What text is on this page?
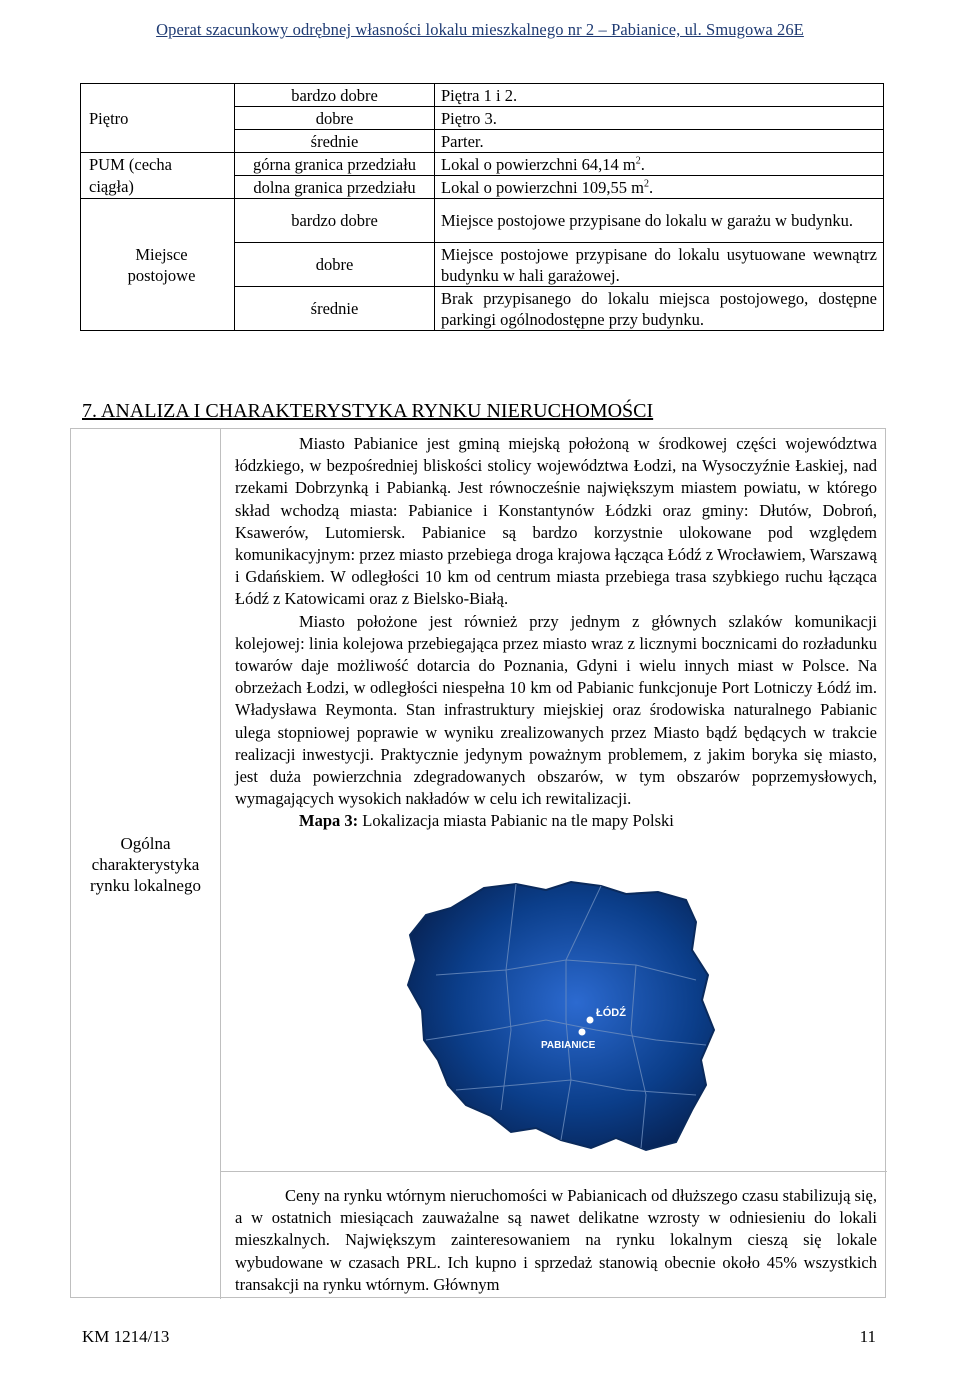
Operat szacunkowy odrębnej własności lokalu mieszkalnego nr 2 – Pabianice, ul. Smugowa 26E
	bardzo dobre	Piętra 1 i 2.
Piętro	dobre	Piętro 3.
	średnie	Parter.
PUM (cecha	górna granica przedziału	Lokal o powierzchni 64,14 $m^2$.
ciągła)	dolna granica przedziału	Lokal o powierzchni 109,55 $m^2$.
	bardzo dobre	Miejsce postojowe przypisane do lokalu w garażu w budynku.
Miejsce
postojowe	dobre	Miejsce postojowe przypisane do lokalu usytuowane wewnątrz budynku w hali garażowej.
	średnie	Brak przypisanego do lokalu miejsca postojowego, dostępne parkingi ogólnodostępne przy budynku.
7. ANALIZA I CHARAKTERYSTYKA RYNKU NIERUCHOMOŚCI
Ogólna
charakterystyka
rynku lokalnego

Miasto Pabianice jest gminą miejską położoną w środkowej części województwa łódzkiego, w bezpośredniej bliskości stolicy województwa Łodzi, na Wysoczyźnie Łaskiej, nad rzekami Dobrzynką i Pabianką. Jest równocześnie największym miastem powiatu, w którego skład wchodzą miasta: Pabianice i Konstantynów Łódzki oraz gminy: Dłutów, Dobroń, Ksawerów, Lutomiersk. Pabianice są bardzo korzystnie ulokowane pod względem komunikacyjnym: przez miasto przebiega droga krajowa łącząca Łódź z Wrocławiem, Warszawą i Gdańskiem. W odległości 10 km od centrum miasta przebiega trasa szybkiego ruchu łącząca Łódź z Katowicami oraz z Bielsko-Białą.

Miasto położone jest również przy jednym z głównych szlaków komunikacji kolejowej: linia kolejowa przebiegająca przez miasto wraz z licznymi bocznicami do rozładunku towarów daje możliwość dotarcia do Poznania, Gdyni i wielu innych miast w Polsce. Na obrzeżach Łodzi, w odległości niespełna 10 km od Pabianic funkcjonuje Port Lotniczy Łódź im. Władysława Reymonta. Stan infrastruktury miejskiej oraz środowiska naturalnego Pabianic ulega stopniowej poprawie w wyniku zrealizowanych przez Miasto bądź będących w trakcie realizacji inwestycji. Praktycznie jedynym poważnym problemem, z jakim boryka się miasto, jest duża powierzchnia zdegradowanych obszarów, w tym obszarów poprzemysłowych, wymagających wysokich nakładów w celu ich rewitalizacji.

Mapa 3: Lokalizacja miasta Pabianic na tle mapy Polski

Ceny na rynku wtórnym nieruchomości w Pabianicach od dłuższego czasu stabilizują się, a w ostatnich miesiącach zauważalne są nawet delikatne wzrosty w odniesieniu do lokali mieszkalnych. Największym zainteresowaniem na rynku lokalnym cieszą się lokale wybudowane w czasach PRL. Ich kupno i sprzedaż stanowią obecnie około 45% wszystkich transakcji na rynku wtórnym. Głównym

ŁÓDŹ
PABIANICE
KM 1214/13	11
